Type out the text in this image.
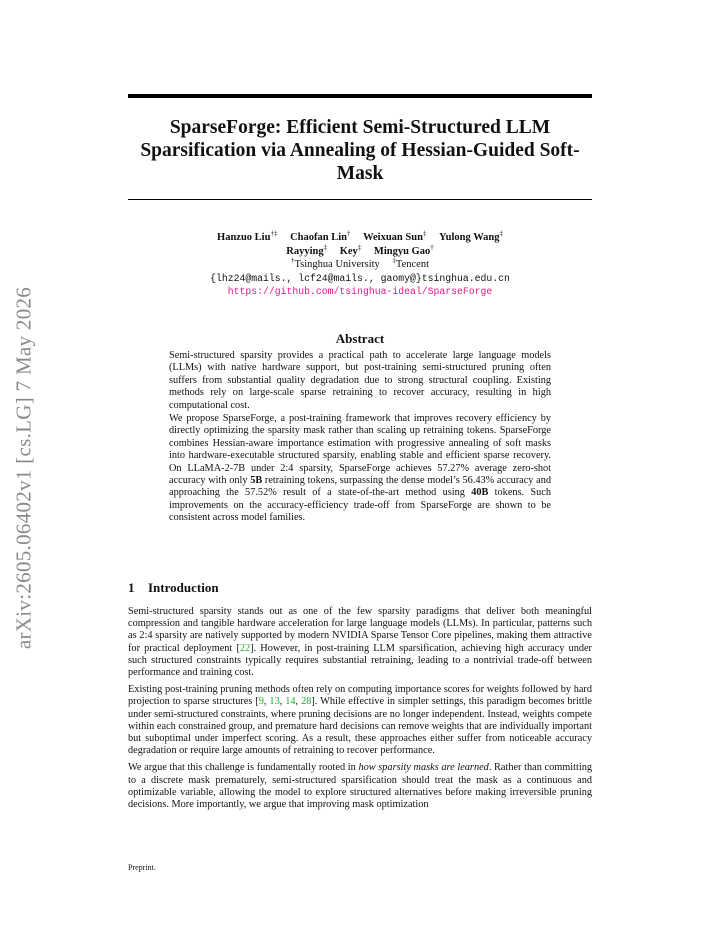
arXiv:2605.06402v1 [cs.LG] 7 May 2026
SparseForge: Efficient Semi-Structured LLM Sparsification via Annealing of Hessian-Guided Soft-Mask
Hanzuo Liu†‡ Chaofan Lin† Weixuan Sun‡ Yulong Wang‡
Rayying‡ Key‡ Mingyu Gao†
†Tsinghua University ‡Tencent
{lhz24@mails., lcf24@mails., gaomy@}tsinghua.edu.cn
https://github.com/tsinghua-ideal/SparseForge
Abstract

Semi-structured sparsity provides a practical path to accelerate large language models (LLMs) with native hardware support, but post-training semi-structured pruning often suffers from substantial quality degradation due to strong structural coupling. Existing methods rely on large-scale sparse retraining to recover accuracy, resulting in high computational cost.

We propose SparseForge, a post-training framework that improves recovery efficiency by directly optimizing the sparsity mask rather than scaling up retraining tokens. SparseForge combines Hessian-aware importance estimation with progressive annealing of soft masks into hardware-executable structured sparsity, enabling stable and efficient sparse recovery. On LLaMA-2-7B under 2:4 sparsity, SparseForge achieves 57.27% average zero-shot accuracy with only 5B retraining tokens, surpassing the dense model’s 56.43% accuracy and approaching the 57.52% result of a state-of-the-art method using 40B tokens. Such improvements on the accuracy-efficiency trade-off from SparseForge are shown to be consistent across model families.

1 Introduction

Semi-structured sparsity stands out as one of the few sparsity paradigms that deliver both meaningful compression and tangible hardware acceleration for large language models (LLMs). In particular, patterns such as 2:4 sparsity are natively supported by modern NVIDIA Sparse Tensor Core pipelines, making them attractive for practical deployment [22]. However, in post-training LLM sparsification, achieving high accuracy under such structured constraints typically requires substantial retraining, leading to a nontrivial trade-off between performance and training cost.

Existing post-training pruning methods often rely on computing importance scores for weights followed by hard projection to sparse structures [9, 13, 14, 28]. While effective in simpler settings, this paradigm becomes brittle under semi-structured constraints, where pruning decisions are no longer independent. Instead, weights compete within each constrained group, and premature hard decisions can remove weights that are individually important but suboptimal under imperfect scoring. As a result, these approaches either suffer from noticeable accuracy degradation or require large amounts of retraining to recover performance.

We argue that this challenge is fundamentally rooted in how sparsity masks are learned. Rather than committing to a discrete mask prematurely, semi-structured sparsification should treat the mask as a continuous and optimizable variable, allowing the model to explore structured alternatives before making irreversible pruning decisions. More importantly, we argue that improving mask optimization

Preprint.
